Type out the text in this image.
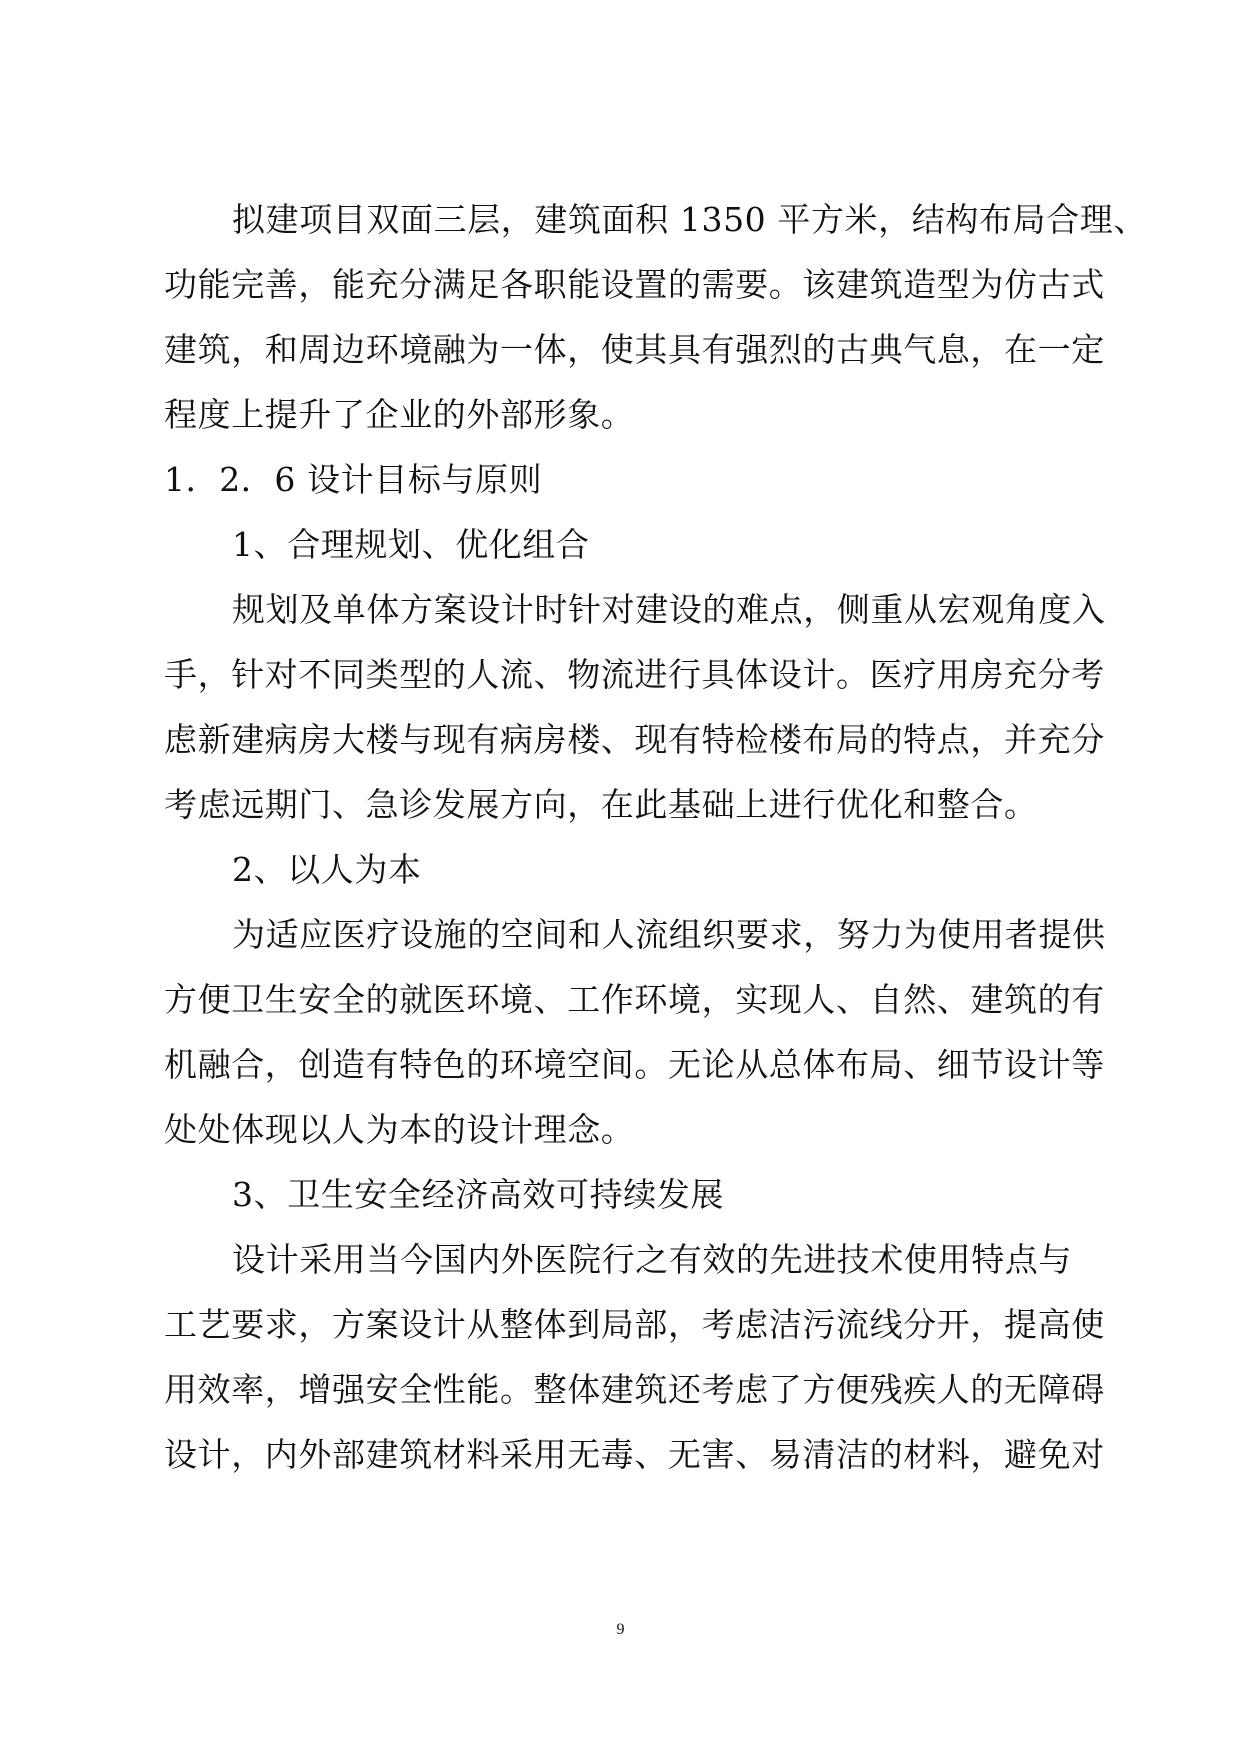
拟建项目双面三层，建筑面积 1350 平方米，结构布局合理、
功能完善，能充分满足各职能设置的需要。该建筑造型为仿古式
建筑，和周边环境融为一体，使其具有强烈的古典气息，在一定
程度上提升了企业的外部形象。
1．2．6 设计目标与原则
1、合理规划、优化组合
规划及单体方案设计时针对建设的难点，侧重从宏观角度入
手，针对不同类型的人流、物流进行具体设计。医疗用房充分考
虑新建病房大楼与现有病房楼、现有特检楼布局的特点，并充分
考虑远期门、急诊发展方向，在此基础上进行优化和整合。
2、以人为本
为适应医疗设施的空间和人流组织要求，努力为使用者提供
方便卫生安全的就医环境、工作环境，实现人、自然、建筑的有
机融合，创造有特色的环境空间。无论从总体布局、细节设计等
处处体现以人为本的设计理念。
3、卫生安全经济高效可持续发展
设计采用当今国内外医院行之有效的先进技术使用特点与
工艺要求，方案设计从整体到局部，考虑洁污流线分开，提高使
用效率，增强安全性能。整体建筑还考虑了方便残疾人的无障碍
设计，内外部建筑材料采用无毒、无害、易清洁的材料，避免对
9
